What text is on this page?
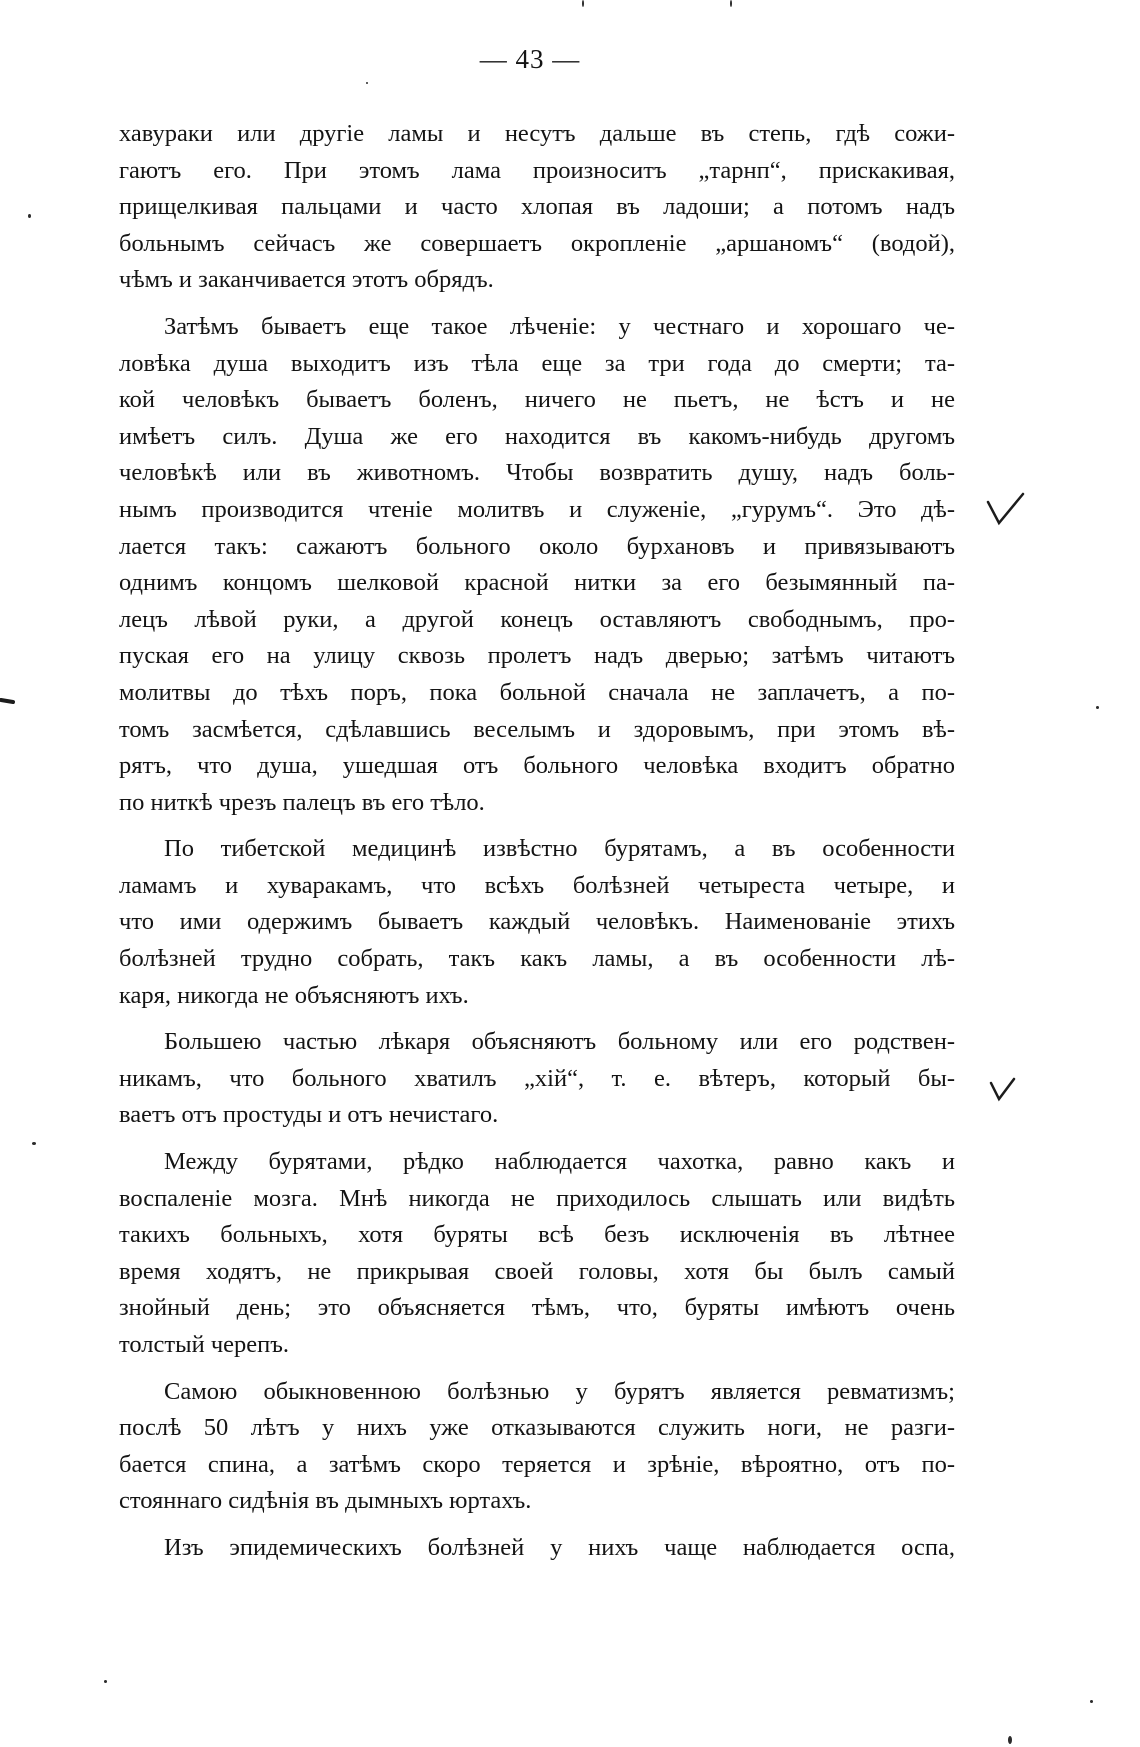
— 43 —
хавураки или другіе ламы и несутъ дальше въ степь, гдѣ сожи-
гаютъ его. При этомъ лама произноситъ „тарнп“, прискакивая,
прищелкивая пальцами и часто хлопая въ ладоши; а потомъ надъ
больнымъ сейчасъ же совершаетъ окропленіе „аршаномъ“ (водой),
чѣмъ и заканчивается этотъ обрядъ.
Затѣмъ бываетъ еще такое лѣченіе: у честнаго и хорошаго че-
ловѣка душа выходитъ изъ тѣла еще за три года до смерти; та-
кой человѣкъ бываетъ боленъ, ничего не пьетъ, не ѣстъ и не
имѣетъ силъ. Душа же его находится въ какомъ-нибудь другомъ
человѣкѣ или въ животномъ. Чтобы возвратить душу, надъ боль-
нымъ производится чтеніе молитвъ и служеніе, „гурумъ“. Это дѣ-
лается такъ: сажаютъ больного около бурхановъ и привязываютъ
однимъ концомъ шелковой красной нитки за его безымянный па-
лецъ лѣвой руки, а другой конецъ оставляютъ свободнымъ, про-
пуская его на улицу сквозь пролетъ надъ дверью; затѣмъ читаютъ
молитвы до тѣхъ поръ, пока больной сначала не заплачетъ, а по-
томъ засмѣется, сдѣлавшись веселымъ и здоровымъ, при этомъ вѣ-
рятъ, что душа, ушедшая отъ больного человѣка входитъ обратно
по ниткѣ чрезъ палецъ въ его тѣло.
По тибетской медицинѣ извѣстно бурятамъ, а въ особенности
ламамъ и хуваракамъ, что всѣхъ болѣзней четыреста четыре, и
что ими одержимъ бываетъ каждый человѣкъ. Наименованіе этихъ
болѣзней трудно собрать, такъ какъ ламы, а въ особенности лѣ-
каря, никогда не объясняютъ ихъ.
Большею частью лѣкаря объясняютъ больному или его родствен-
никамъ, что больного хватилъ „хій“, т. е. вѣтеръ, который бы-
ваетъ отъ простуды и отъ нечистаго.
Между бурятами, рѣдко наблюдается чахотка, равно какъ и
воспаленіе мозга. Мнѣ никогда не приходилось слышать или видѣть
такихъ больныхъ, хотя буряты всѣ безъ исключенія въ лѣтнее
время ходятъ, не прикрывая своей головы, хотя бы былъ самый
знойный день; это объясняется тѣмъ, что, буряты имѣютъ очень
толстый черепъ.
Самою обыкновенною болѣзнью у бурятъ является ревматизмъ;
послѣ 50 лѣтъ у нихъ уже отказываются служить ноги, не разги-
бается спина, а затѣмъ скоро теряется и зрѣніе, вѣроятно, отъ по-
стояннаго сидѣнія въ дымныхъ юртахъ.
Изъ эпидемическихъ болѣзней у нихъ чаще наблюдается оспа,
